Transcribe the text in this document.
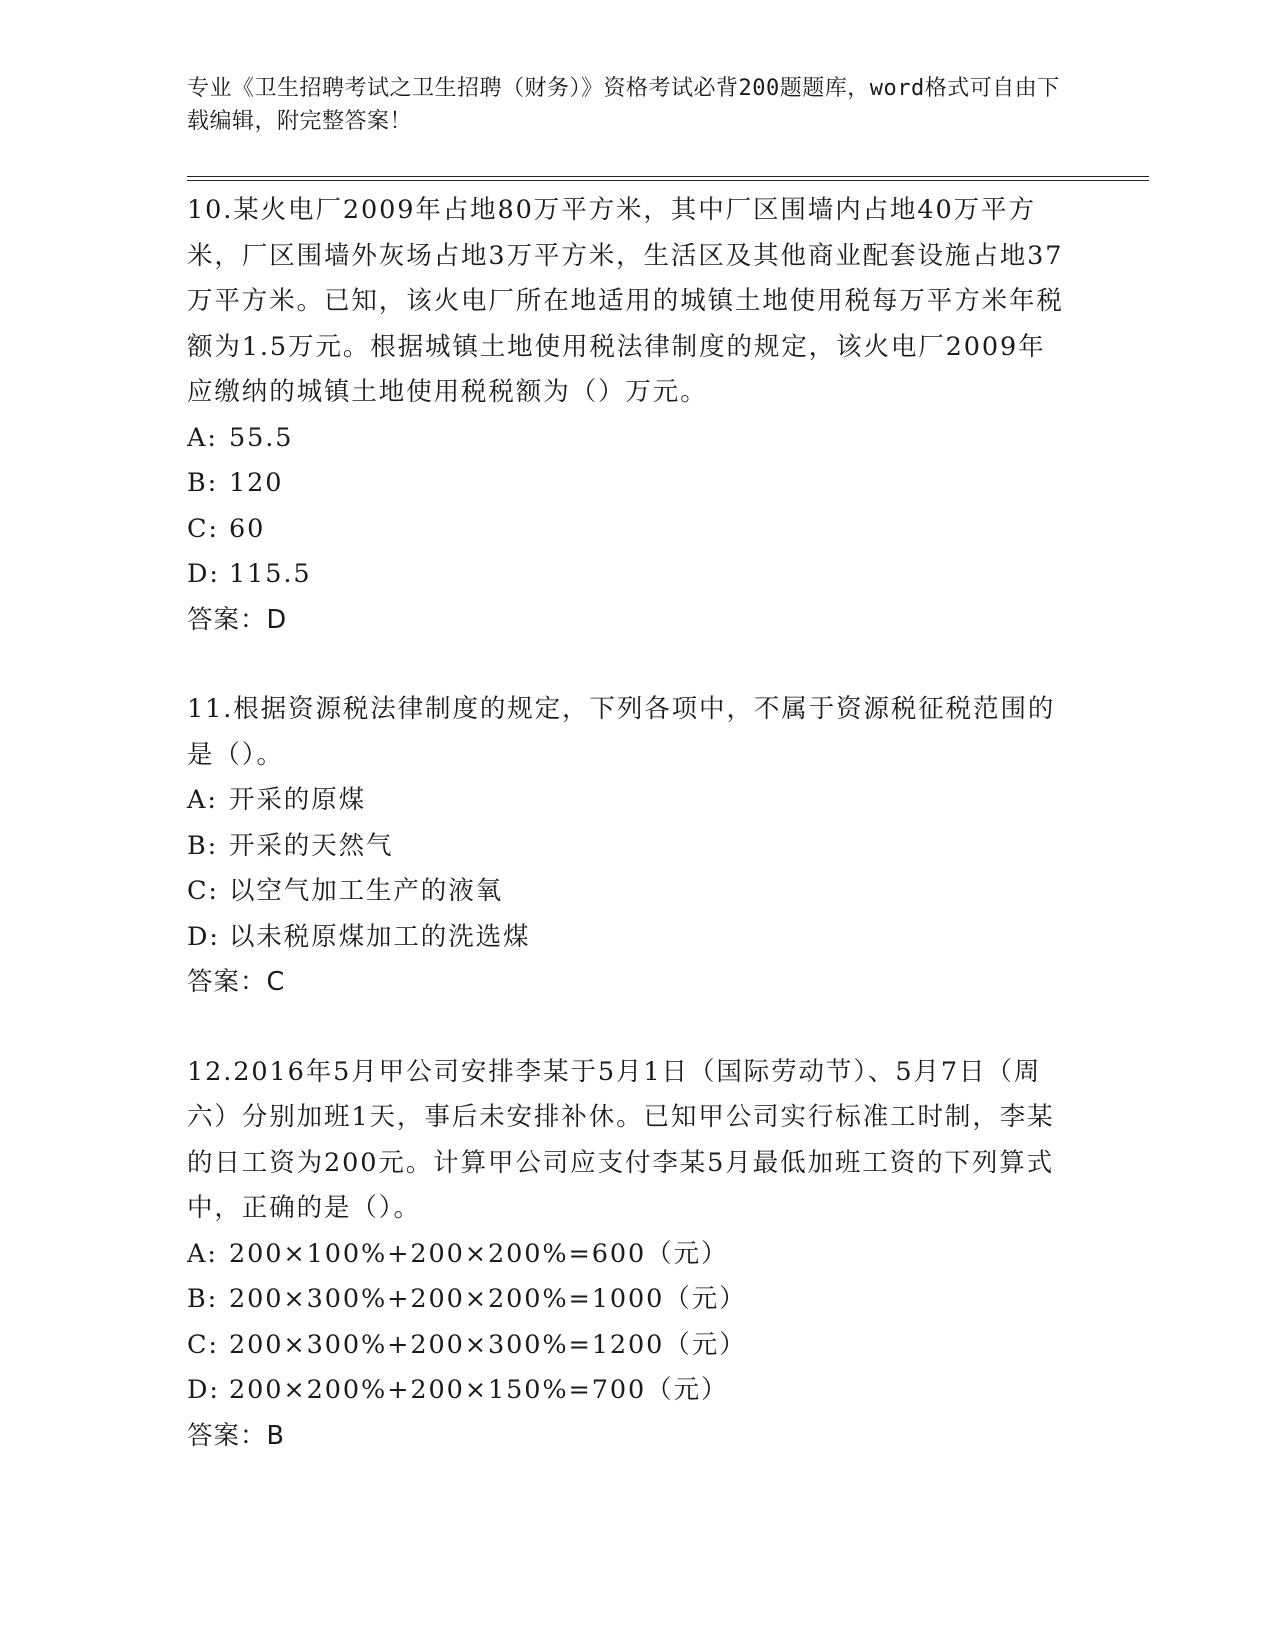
专业《卫生招聘考试之卫生招聘（财务）》资格考试必背200题题库，word格式可自由下载编辑，附完整答案！
10.某火电厂2009年占地80万平方米，其中厂区围墙内占地40万平方米，厂区围墙外灰场占地3万平方米，生活区及其他商业配套设施占地37万平方米。已知，该火电厂所在地适用的城镇土地使用税每万平方米年税额为1.5万元。根据城镇土地使用税法律制度的规定，该火电厂2009年应缴纳的城镇土地使用税税额为（）万元。
A: 55.5
B: 120
C: 60
D: 115.5
答案：D
11.根据资源税法律制度的规定，下列各项中，不属于资源税征税范围的是（）。
A: 开采的原煤
B: 开采的天然气
C: 以空气加工生产的液氧
D: 以未税原煤加工的洗选煤
答案：C
12.2016年5月甲公司安排李某于5月1日（国际劳动节）、5月7日（周六）分别加班1天，事后未安排补休。已知甲公司实行标准工时制，李某的日工资为200元。计算甲公司应支付李某5月最低加班工资的下列算式中，正确的是（）。
A: 200×100%+200×200%=600（元）
B: 200×300%+200×200%=1000（元）
C: 200×300%+200×300%=1200（元）
D: 200×200%+200×150%=700（元）
答案：B
